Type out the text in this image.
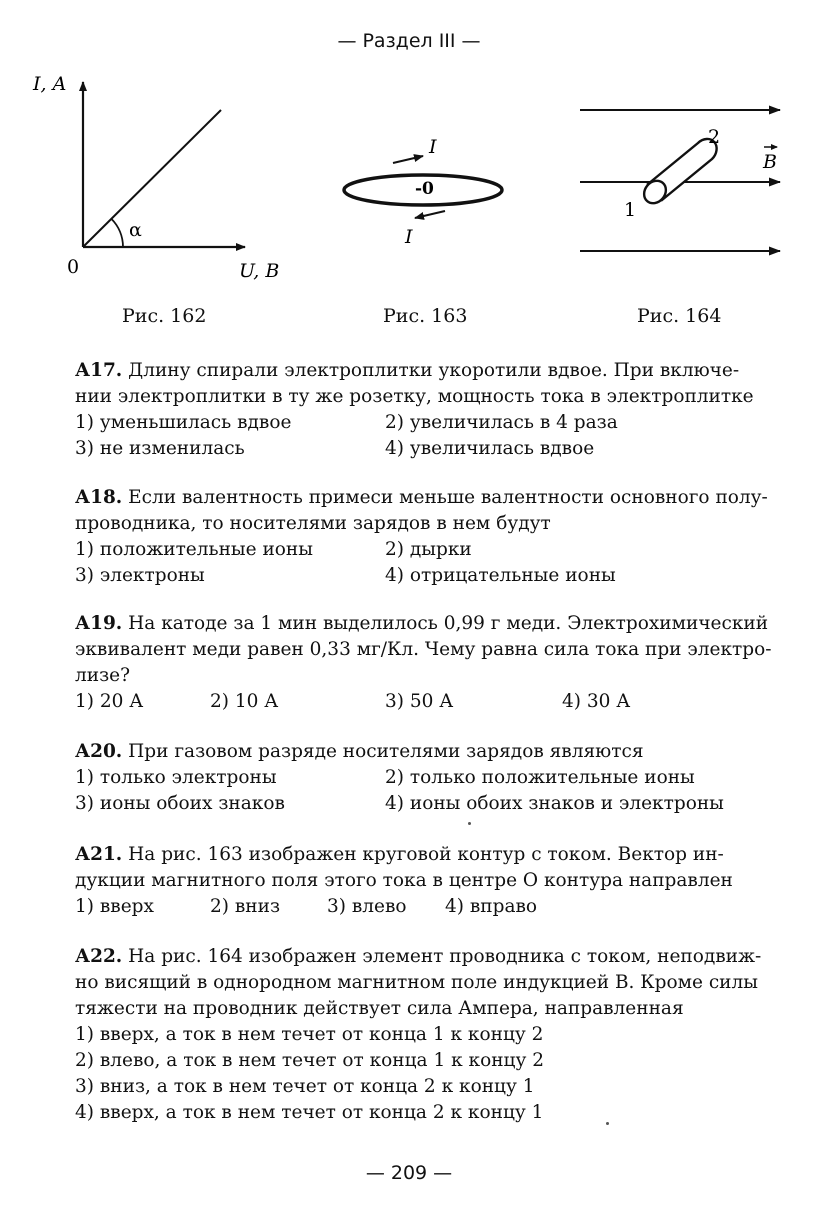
— Раздел III —
I, A
U, B
0
α
I
I
-0
1
2
B
Рис. 162	Рис. 163	Рис. 164
А17. Длину спирали электроплитки укоротили вдвое. При включе-
нии электроплитки в ту же розетку, мощность тока в электроплитке
1) уменьшилась вдвое	2) увеличилась в 4 раза
3) не изменилась	4) увеличилась вдвое
А18. Если валентность примеси меньше валентности основного полу-
проводника, то носителями зарядов в нем будут
1) положительные ионы	2) дырки
3) электроны	4) отрицательные ионы
А19. На катоде за 1 мин выделилось 0,99 г меди. Электрохимический
эквивалент меди равен 0,33 мг/Кл. Чему равна сила тока при электро-
лизе?
1) 20 А	2) 10 А	3) 50 А	4) 30 А
А20. При газовом разряде носителями зарядов являются
1) только электроны	2) только положительные ионы
3) ионы обоих знаков	4) ионы обоих знаков и электроны
А21. На рис. 163 изображен круговой контур с током. Вектор ин-
дукции магнитного поля этого тока в центре O контура направлен
1) вверх	2) вниз	3) влево 4) вправо
А22. На рис. 164 изображен элемент проводника с током, неподвиж-
но висящий в однородном магнитном поле индукцией B. Кроме силы
тяжести на проводник действует сила Ампера, направленная
1) вверх, а ток в нем течет от конца 1 к концу 2
2) влево, а ток в нем течет от конца 1 к концу 2
3) вниз, а ток в нем течет от конца 2 к концу 1
4) вверх, а ток в нем течет от конца 2 к концу 1
— 209 —
